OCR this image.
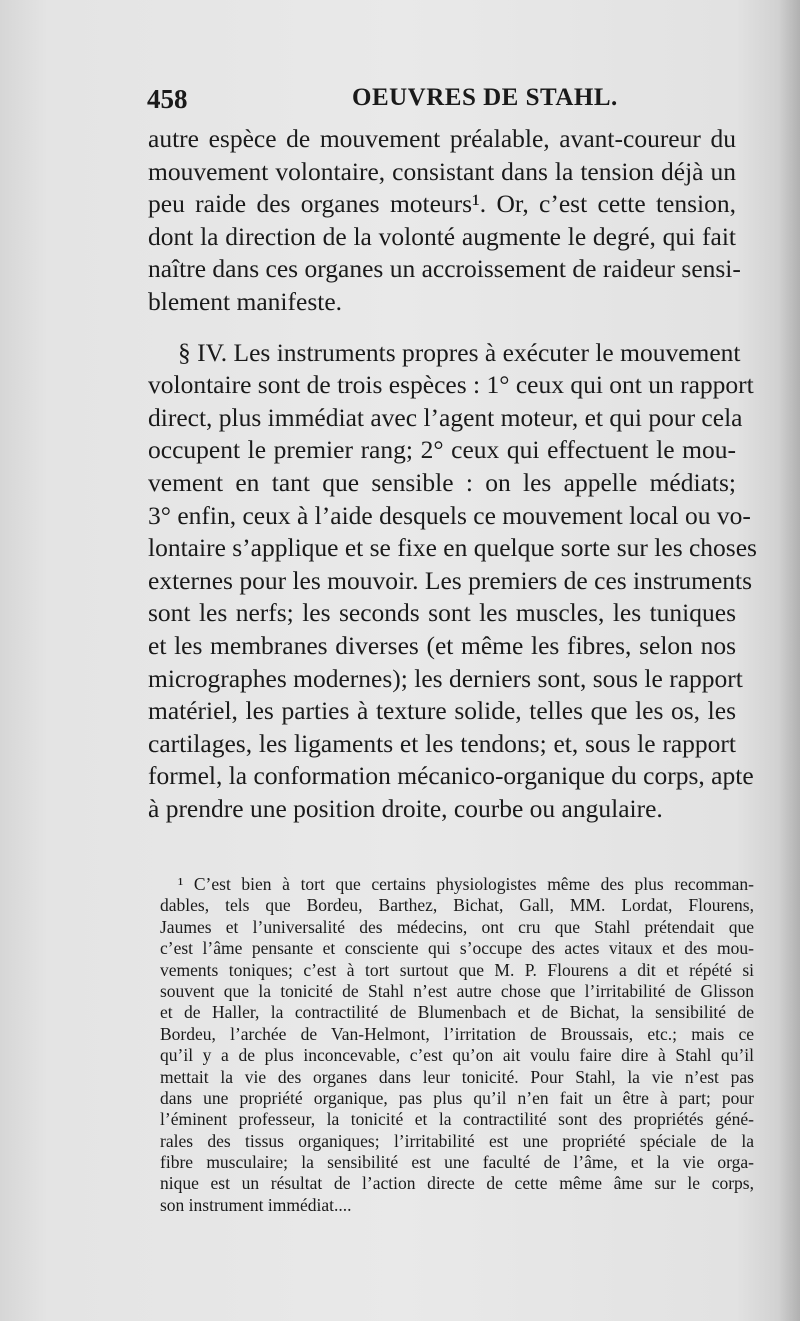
458	OEUVRES DE STAHL.
autre espèce de mouvement préalable, avant-coureur du
mouvement volontaire, consistant dans la tension déjà un
peu raide des organes moteurs¹. Or, c’est cette tension,
dont la direction de la volonté augmente le degré, qui fait
naître dans ces organes un accroissement de raideur sensi-
blement manifeste.
§ IV. Les instruments propres à exécuter le mouvement
volontaire sont de trois espèces : 1° ceux qui ont un rapport
direct, plus immédiat avec l’agent moteur, et qui pour cela
occupent le premier rang; 2° ceux qui effectuent le mou-
vement en tant que sensible : on les appelle médiats;
3° enfin, ceux à l’aide desquels ce mouvement local ou vo-
lontaire s’applique et se fixe en quelque sorte sur les choses
externes pour les mouvoir. Les premiers de ces instruments
sont les nerfs; les seconds sont les muscles, les tuniques
et les membranes diverses (et même les fibres, selon nos
micrographes modernes); les derniers sont, sous le rapport
matériel, les parties à texture solide, telles que les os, les
cartilages, les ligaments et les tendons; et, sous le rapport
formel, la conformation mécanico-organique du corps, apte
à prendre une position droite, courbe ou angulaire.
¹ C’est bien à tort que certains physiologistes même des plus recomman-
dables, tels que Bordeu, Barthez, Bichat, Gall, MM. Lordat, Flourens,
Jaumes et l’universalité des médecins, ont cru que Stahl prétendait que
c’est l’âme pensante et consciente qui s’occupe des actes vitaux et des mou-
vements toniques; c’est à tort surtout que M. P. Flourens a dit et répété si
souvent que la tonicité de Stahl n’est autre chose que l’irritabilité de Glisson
et de Haller, la contractilité de Blumenbach et de Bichat, la sensibilité de
Bordeu, l’archée de Van-Helmont, l’irritation de Broussais, etc.; mais ce
qu’il y a de plus inconcevable, c’est qu’on ait voulu faire dire à Stahl qu’il
mettait la vie des organes dans leur tonicité. Pour Stahl, la vie n’est pas
dans une propriété organique, pas plus qu’il n’en fait un être à part; pour
l’éminent professeur, la tonicité et la contractilité sont des propriétés géné-
rales des tissus organiques; l’irritabilité est une propriété spéciale de la
fibre musculaire; la sensibilité est une faculté de l’âme, et la vie orga-
nique est un résultat de l’action directe de cette même âme sur le corps,
son instrument immédiat....
